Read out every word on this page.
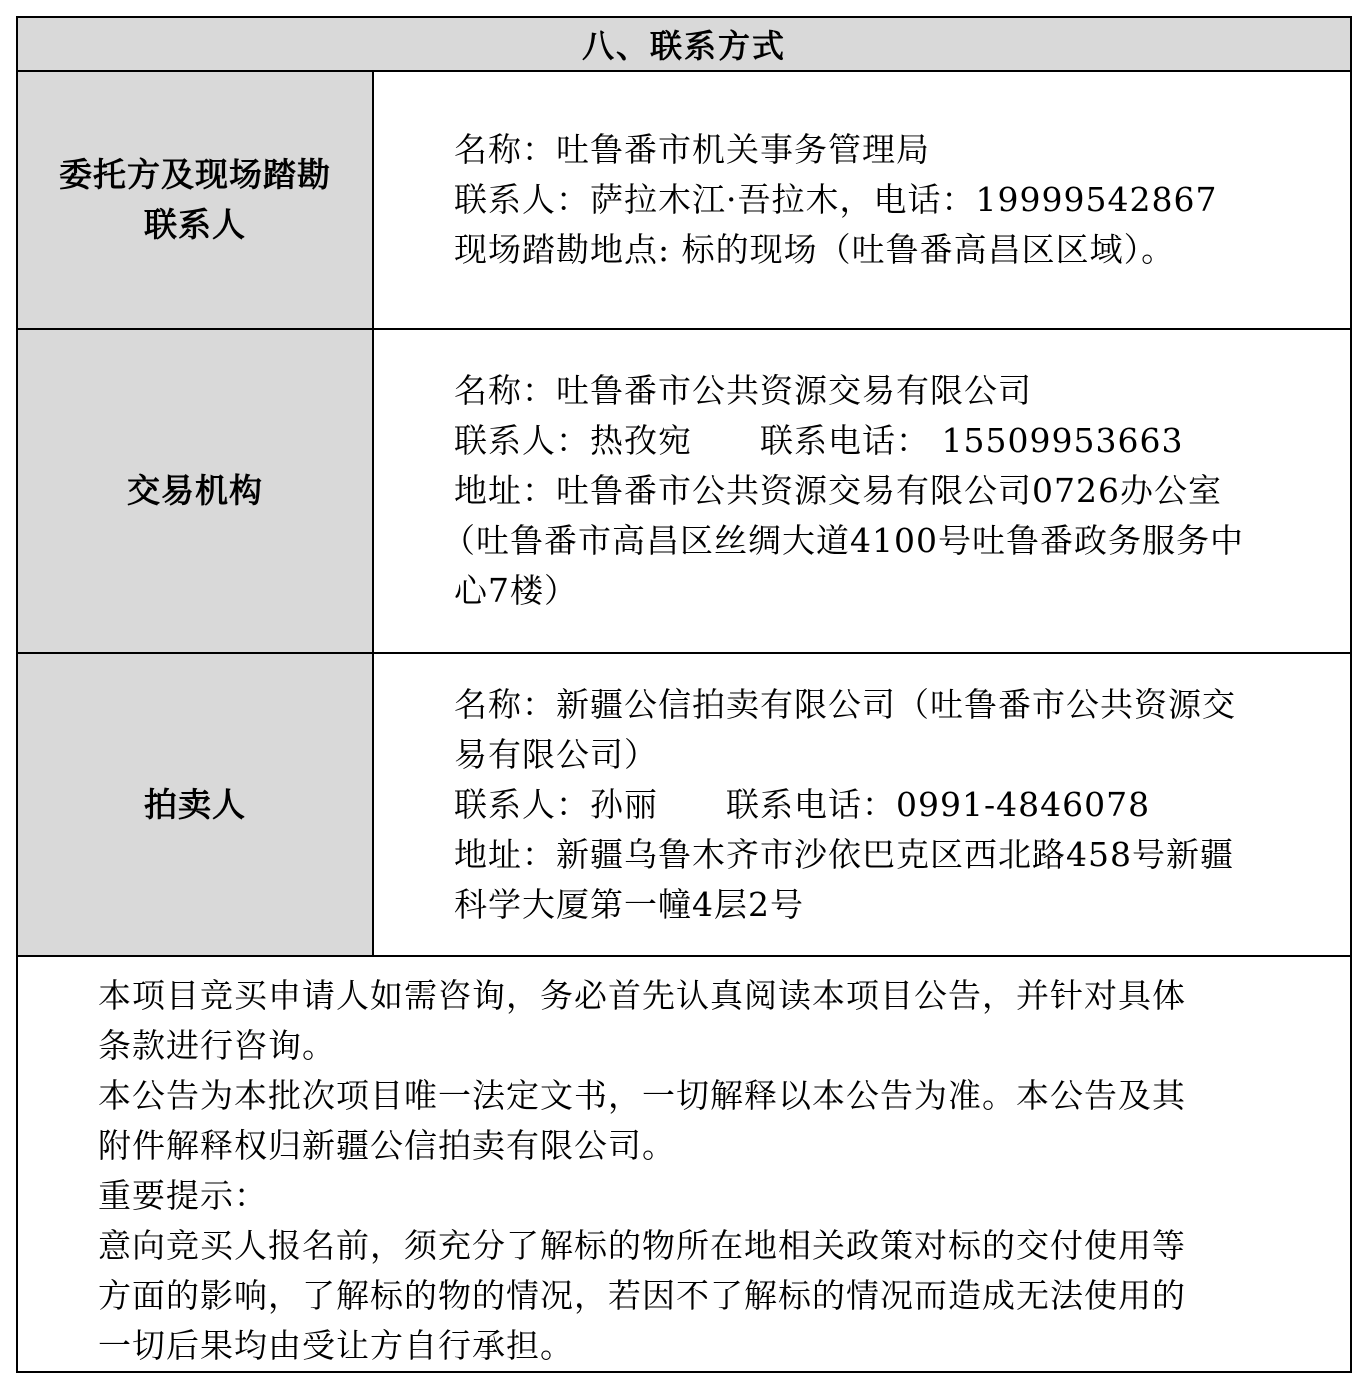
八、联系方式
委托方及现场踏勘
联系人
名称：吐鲁番市机关事务管理局
联系人：萨拉木江·吾拉木，电话：19999542867
现场踏勘地点: 标的现场（吐鲁番高昌区区域）。
交易机构
名称：吐鲁番市公共资源交易有限公司
联系人：热孜宛　　联系电话： 15509953663
地址：吐鲁番市公共资源交易有限公司0726办公室
（吐鲁番市高昌区丝绸大道4100号吐鲁番政务服务中
心7楼）
拍卖人
名称：新疆公信拍卖有限公司（吐鲁番市公共资源交
易有限公司）
联系人：孙丽　　联系电话：0991-4846078
地址：新疆乌鲁木齐市沙依巴克区西北路458号新疆
科学大厦第一幢4层2号
本项目竞买申请人如需咨询，务必首先认真阅读本项目公告，并针对具体
条款进行咨询。
本公告为本批次项目唯一法定文书，一切解释以本公告为准。本公告及其
附件解释权归新疆公信拍卖有限公司。
重要提示：
意向竞买人报名前，须充分了解标的物所在地相关政策对标的交付使用等
方面的影响，了解标的物的情况，若因不了解标的情况而造成无法使用的
一切后果均由受让方自行承担。
